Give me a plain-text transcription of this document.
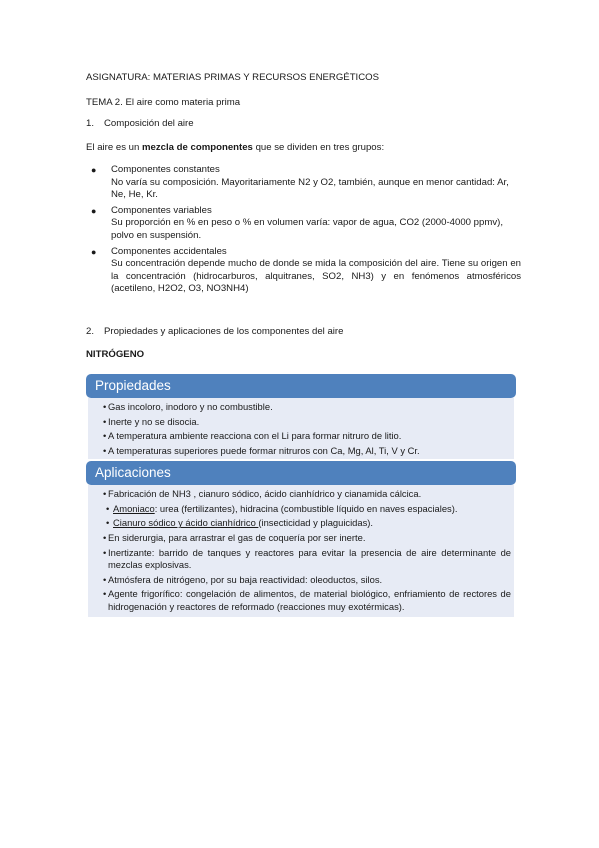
ASIGNATURA: MATERIAS PRIMAS Y RECURSOS ENERGÉTICOS
TEMA 2. El aire como materia prima
1. Composición del aire
El aire es un mezcla de componentes que se dividen en tres grupos:
● Componentes constantes
No varía su composición. Mayoritariamente N2 y O2, también, aunque en menor cantidad: Ar, Ne, He, Kr.
● Componentes variables
Su proporción en % en peso o % en volumen varía: vapor de agua, CO2 (2000-4000 ppmv), polvo en suspensión.
● Componentes accidentales
Su concentración depende mucho de donde se mida la composición del aire. Tiene su origen en la concentración (hidrocarburos, alquitranes, SO2, NH3) y en fenómenos atmosféricos (acetileno, H2O2, O3, NO3NH4)
2. Propiedades y aplicaciones de los componentes del aire
NITRÓGENO
Propiedades
• Gas incoloro, inodoro y no combustible.
• Inerte y no se disocia.
• A temperatura ambiente reacciona con el Li para formar nitruro de litio.
• A temperaturas superiores puede formar nitruros con Ca, Mg, Al, Ti, V y Cr.
Aplicaciones
• Fabricación de NH3 , cianuro sódico, ácido cianhídrico y cianamida cálcica.
• Amoniaco: urea (fertilizantes), hidracina (combustible líquido en naves espaciales).
• Cianuro sódico y ácido cianhídrico (insecticidad y plaguicidas).
• En siderurgia, para arrastrar el gas de coquería por ser inerte.
• Inertizante: barrido de tanques y reactores para evitar la presencia de aire determinante de mezclas explosivas.
• Atmósfera de nitrógeno, por su baja reactividad: oleoductos, silos.
• Agente frigorífico: congelación de alimentos, de material biológico, enfriamiento de rectores de hidrogenación y reactores de reformado (reacciones muy exotérmicas).
